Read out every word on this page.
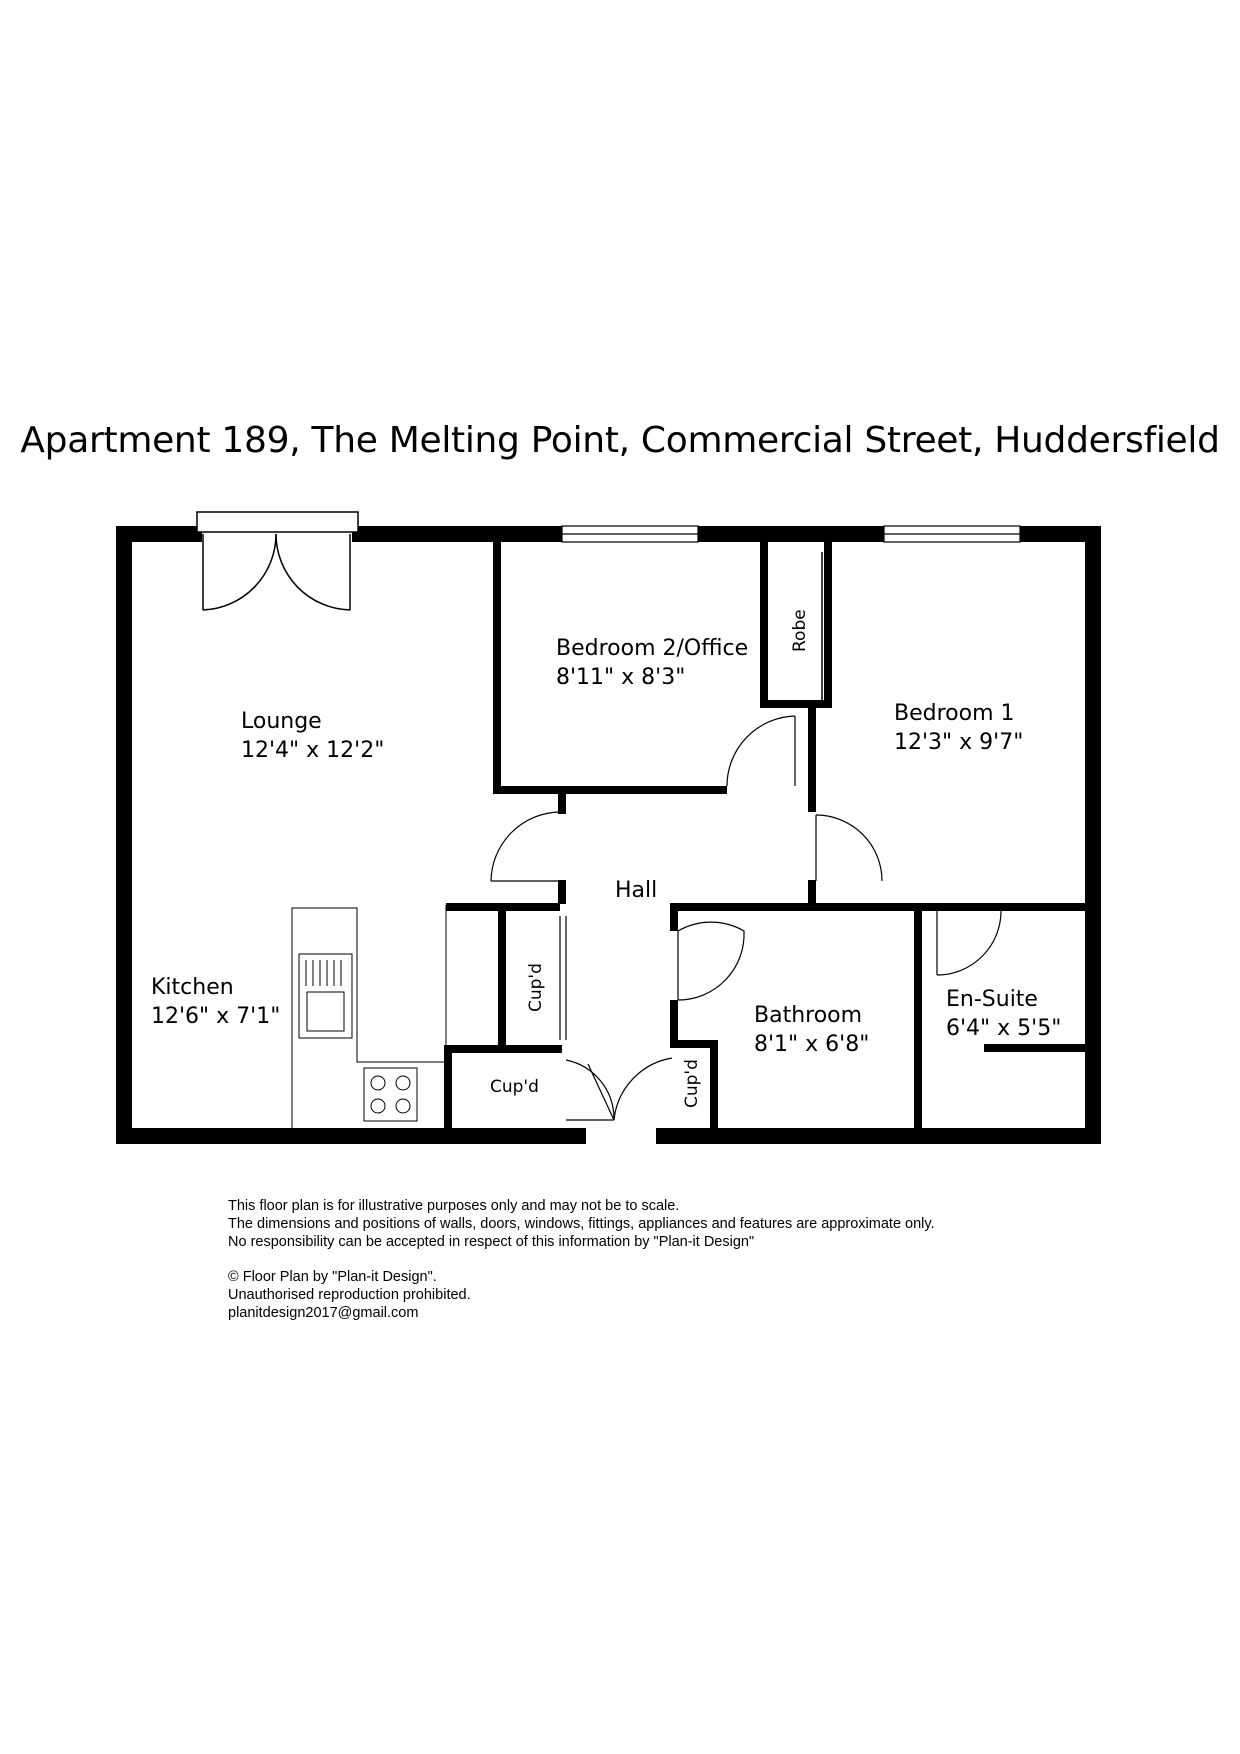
Apartment 189, The Melting Point, Commercial Street, Huddersfield
Lounge
12'4" x 12'2"
Bedroom 2/Office
8'11" x 8'3"
Robe
Bedroom 1
12'3" x 9'7"
Hall
Kitchen
12'6" x 7'1"
Cup'd
Cup'd	Cup'd
Bathroom
8'1" x 6'8"
En-Suite
6'4" x 5'5"

This floor plan is for illustrative purposes only and may not be to scale.

The dimensions and positions of walls, doors, windows, fittings, appliances and features are approximate only.

No responsibility can be accepted in respect of this information by "Plan-it Design"

© Floor Plan by "Plan-it Design".

Unauthorised reproduction prohibited.

planitdesign2017@gmail.com
